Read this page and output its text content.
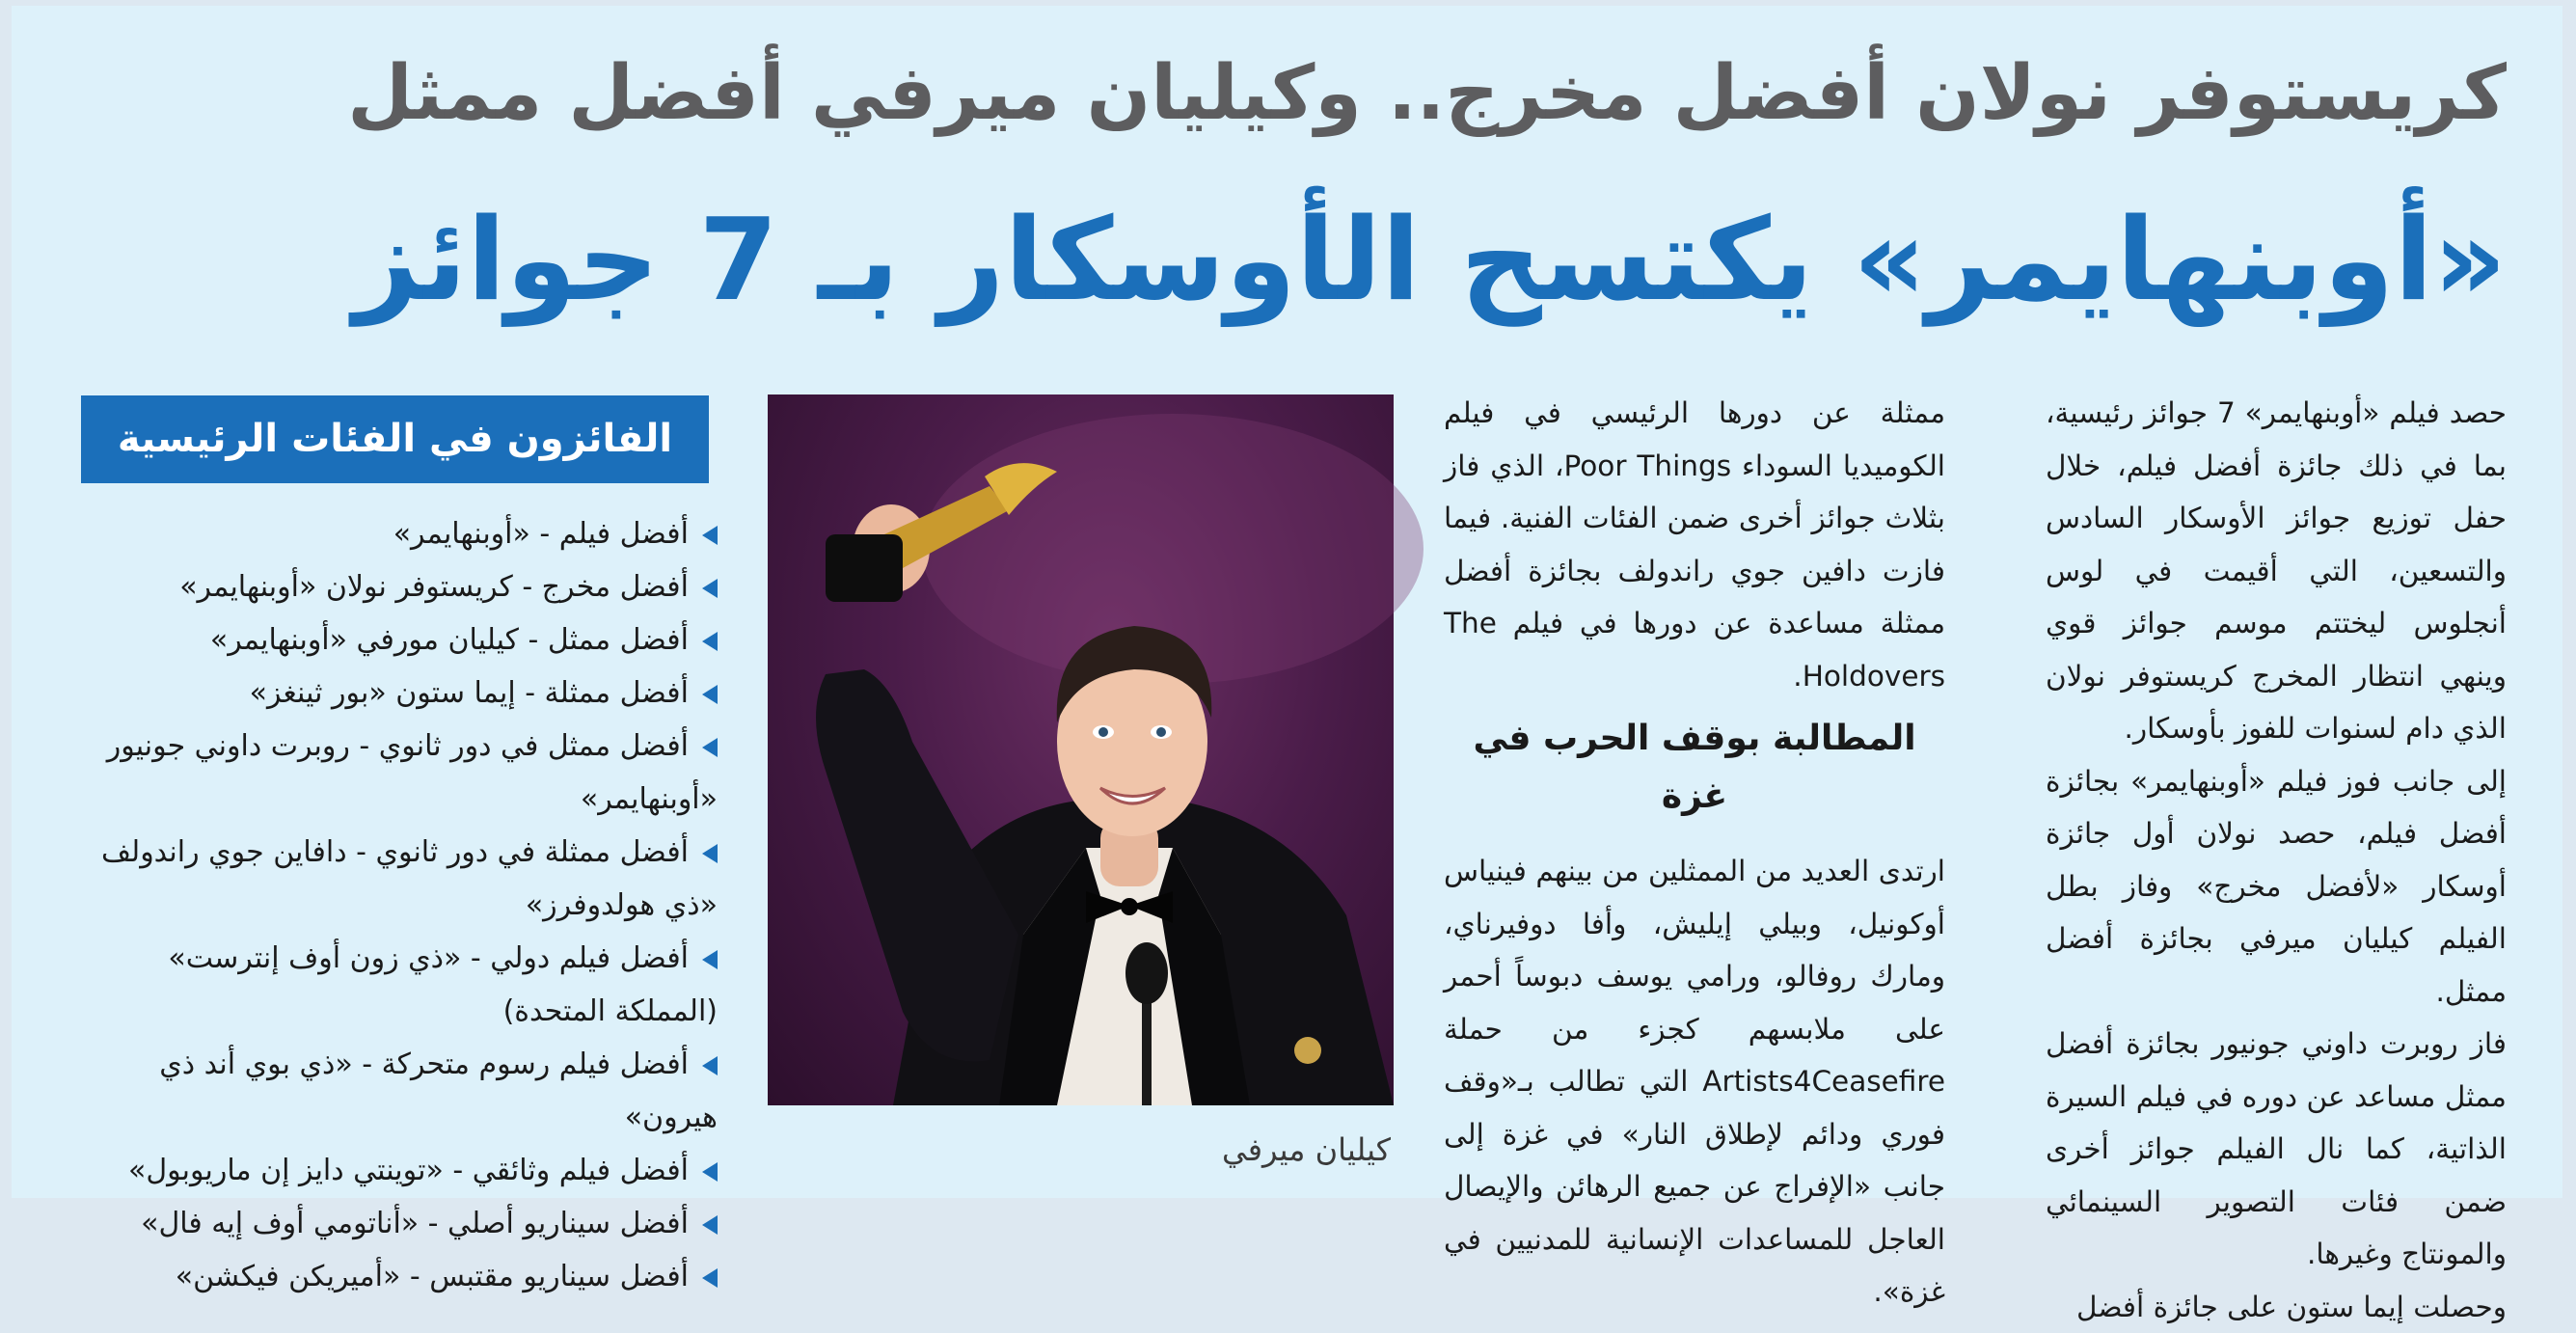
كريستوفر نولان أفضل مخرج.. وكيليان ميرفي أفضل ممثل
«أوبنهايمر» يكتسح الأوسكار بـ 7 جوائز

حصد فيلم «أوبنهايمر» 7 جوائز رئيسية، بما في ذلك جائزة أفضل فيلم، خلال حفل توزيع جوائز الأوسكار السادس والتسعين، التي أقيمت في لوس أنجلوس ليختتم موسم جوائز قوي وينهي انتظار المخرج كريستوفر نولان الذي دام لسنوات للفوز بأوسكار.

إلى جانب فوز فيلم «أوبنهايمر» بجائزة أفضل فيلم، حصد نولان أول جائزة أوسكار «لأفضل مخرج» وفاز بطل الفيلم كيليان ميرفي بجائزة أفضل ممثل.

فاز روبرت داوني جونيور بجائزة أفضل ممثل مساعد عن دوره في فيلم السيرة الذاتية، كما نال الفيلم جوائز أخرى ضمن فئات التصوير السينمائي والمونتاج وغيرها.

وحصلت إيما ستون على جائزة أفضل

ممثلة عن دورها الرئيسي في فيلم الكوميديا السوداء Poor Things، الذي فاز بثلاث جوائز أخرى ضمن الفئات الفنية. فيما فازت دافين جوي راندولف بجائزة أفضل ممثلة مساعدة عن دورها في فيلم The Holdovers.

المطالبة بوقف الحرب في غزة

ارتدى العديد من الممثلين من بينهم فينياس أوكونيل، وبيلي إيليش، وأفا دوفيرناي، ومارك روفالو، ورامي يوسف دبوساً أحمر على ملابسهم كجزء من حملة Artists4Ceasefire التي تطالب بـ«وقف فوري ودائم لإطلاق النار» في غزة إلى جانب «الإفراج عن جميع الرهائن والإيصال العاجل للمساعدات الإنسانية للمدنيين في غزة».

كيليان ميرفي
الفائزون في الفئات الرئيسية
أفضل فيلم - «أوبنهايمر»
أفضل مخرج - كريستوفر نولان «أوبنهايمر»
أفضل ممثل - كيليان مورفي «أوبنهايمر»
أفضل ممثلة - إيما ستون «بور ثينغز»
أفضل ممثل في دور ثانوي - روبرت داوني جونيور «أوبنهايمر»
أفضل ممثلة في دور ثانوي - دافاين جوي راندولف «ذي هولدوفرز»
أفضل فيلم دولي - «ذي زون أوف إنترست» (المملكة المتحدة)
أفضل فيلم رسوم متحركة - «ذي بوي أند ذي هيرون»
أفضل فيلم وثائقي - «توينتي دايز إن ماريوبول»
أفضل سيناريو أصلي - «أناتومي أوف إيه فال»
أفضل سيناريو مقتبس - «أميريكن فيكشن»
